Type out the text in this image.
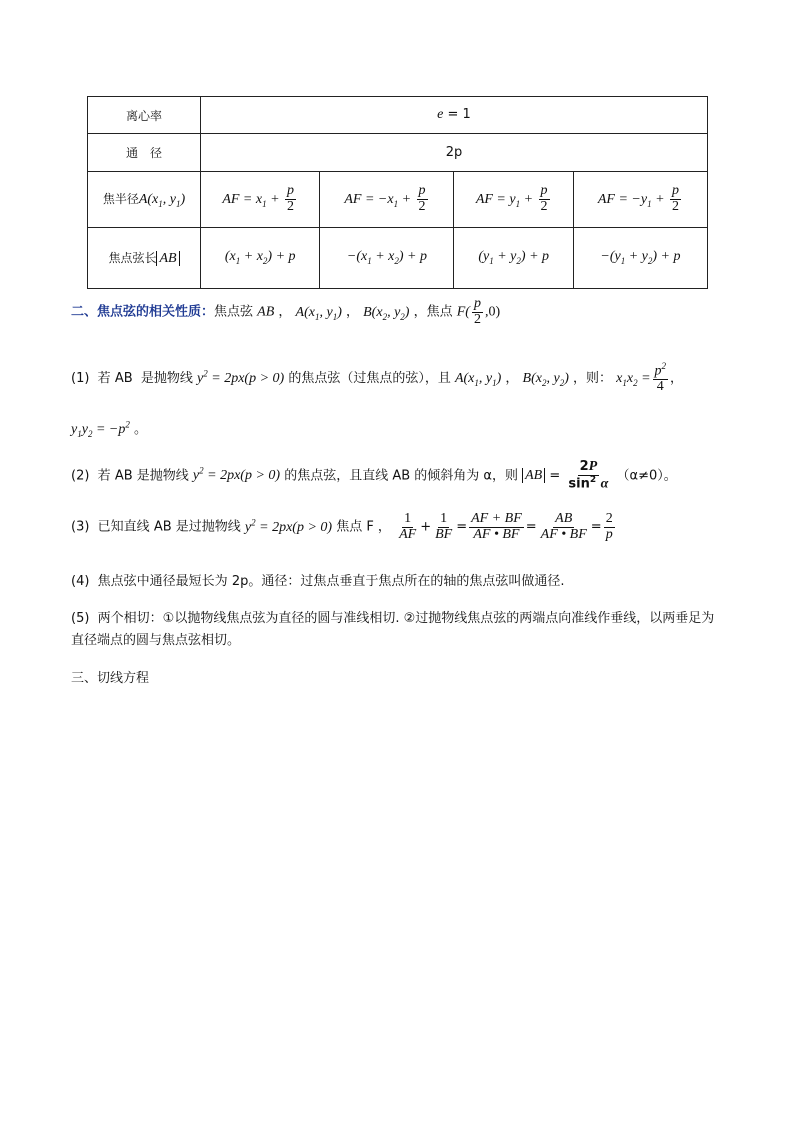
离心率	e = 1			
通　径	2p			
焦半径$A(x_1$, $y_1$)	AF = $x_1 + \frac{p}{2}$	AF = $-x_1 + \frac{p}{2}$	AF = $y_1 + \frac{p}{2}$	AF = $-y_1 + \frac{p}{2}$

焦点弦长 AB	$(x_1 + x_2) + p$	$-(x_1 + x_2) + p$	$(y_1 + y_2) + p$	$-(y_1 + y_2) + p$
二、焦点弦的相关性质：焦点弦 AB ， $A(x_1$, $y_1$) ， $B(x_2$, $y_2$) ，焦点 $F( \frac{p}{2} ,0)$
(1)  若 AB  是抛物线 $y^2 = 2px(p > 0)$ 的焦点弦（过焦点的弦），且 $A(x_1$, $y_1$) ， $B(x_2$, $y_2$) ，则： $x_1x_2 = \frac{p^2}{4}$ ，
$y_1y_2 = -p^2$ 。
(2)  若 AB 是抛物线 $y^2 = 2px(p > 0)$ 的焦点弦，且直线 AB 的倾斜角为 α，则 AB = $\frac{2P}{\sin^2 \alpha} (\alpha\ne 0)$。
(3)  已知直线 AB 是过抛物线 $y^2 = 2px(p > 0)$ 焦点 F ， $\frac{1}{AF} + \frac{1}{BF} = \frac{AF + BF}{AF • BF} = \frac{AB}{AF • BF} = \frac{2}{p}$
(4)  焦点弦中通径最短长为 2p。通径：过焦点垂直于焦点所在的轴的焦点弦叫做通径.
(5)  两个相切：①以抛物线焦点弦为直径的圆与准线相切. ②过抛物线焦点弦的两端点向准线作垂线，以两垂足为直径端点的圆与焦点弦相切。
三、切线方程
